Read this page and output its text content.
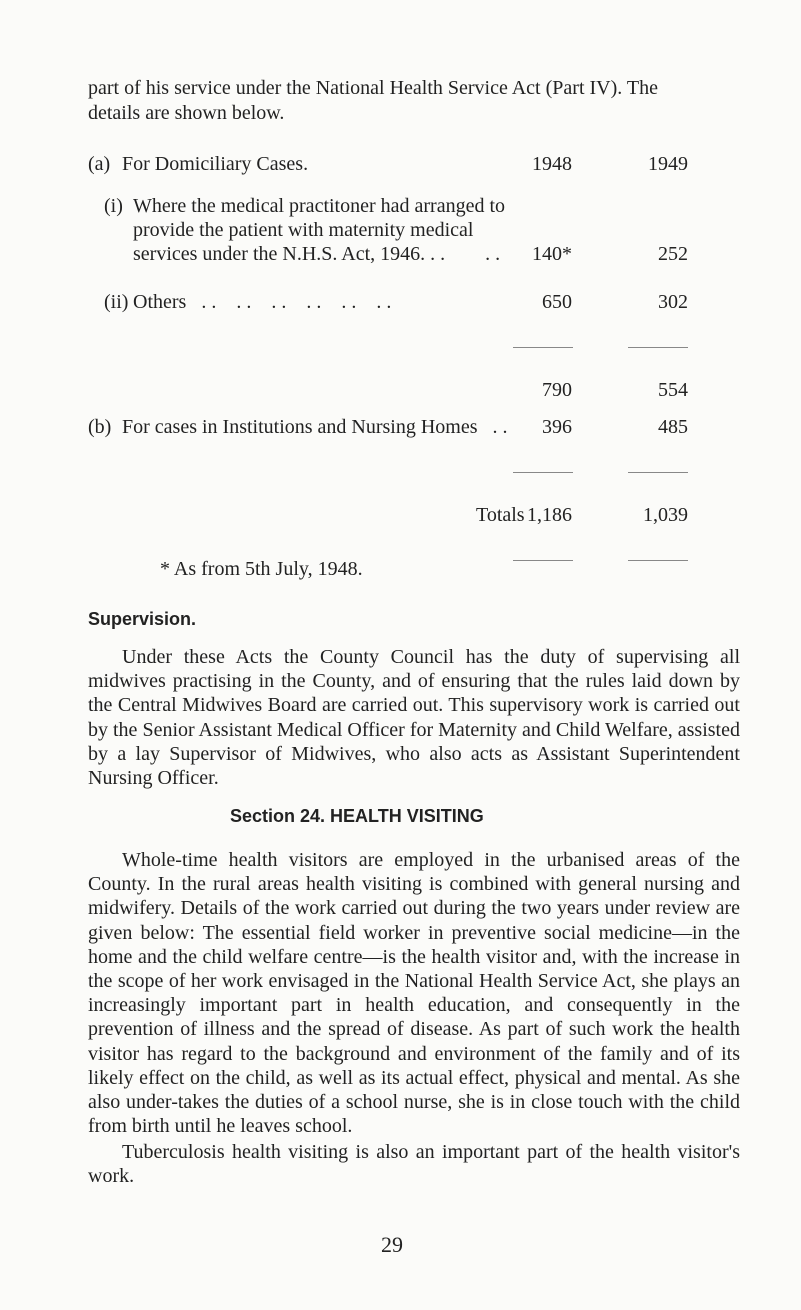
part of his service under the National Health Service Act (Part IV). The
details are shown below.
(a) For Domiciliary Cases.	1948	1949
(i) Where the medical practitoner had arranged to
provide the patient with maternity medical
services under the N.H.S. Act, 1946. . .        . .	140*	252
(ii) Others   . .    . .    . .    . .    . .    . .	650	302
790	554
(b) For cases in Institutions and Nursing Homes   . .	396	485
Totals 1,186	1,039
* As from 5th July, 1948.
Supervision.

Under these Acts the County Council has the duty of supervising all midwives practising in the County, and of ensuring that the rules laid down by the Central Midwives Board are carried out. This supervisory work is carried out by the Senior Assistant Medical Officer for Maternity and Child Welfare, assisted by a lay Supervisor of Midwives, who also acts as Assistant Superintendent Nursing Officer.

Section 24. HEALTH VISITING

Whole-time health visitors are employed in the urbanised areas of the County. In the rural areas health visiting is combined with general nursing and midwifery. Details of the work carried out during the two years under review are given below: The essential field worker in preventive social medicine—in the home and the child welfare centre—is the health visitor and, with the increase in the scope of her work envisaged in the National Health Service Act, she plays an increasingly important part in health education, and consequently in the prevention of illness and the spread of disease. As part of such work the health visitor has regard to the background and environment of the family and of its likely effect on the child, as well as its actual effect, physical and mental. As she also under-takes the duties of a school nurse, she is in close touch with the child from birth until he leaves school.

Tuberculosis health visiting is also an important part of the health visitor's work.

29
